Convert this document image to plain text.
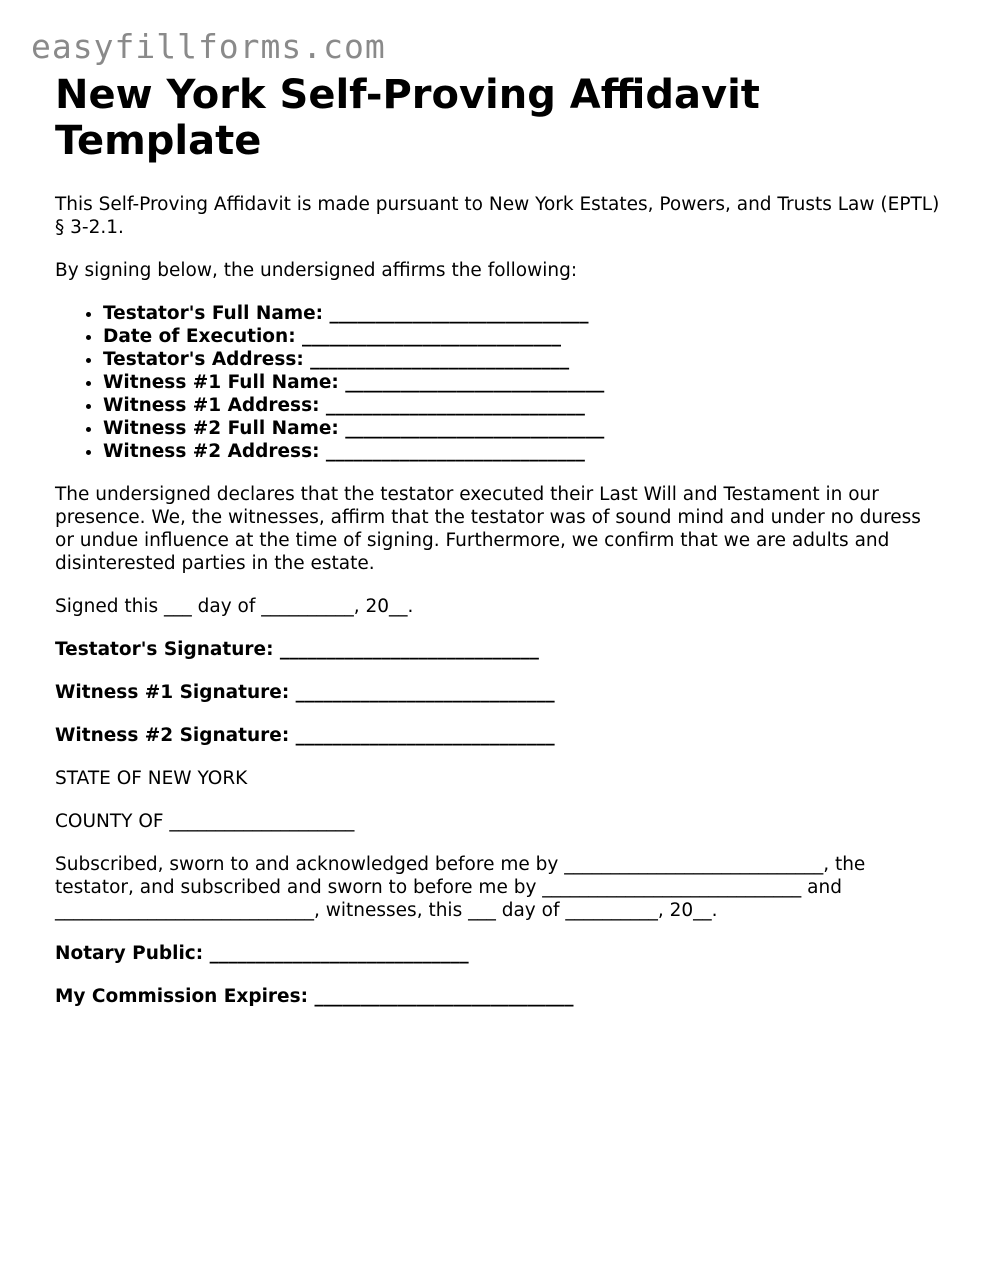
easyfillforms.com
New York Self-Proving Affidavit Template

This Self-Proving Affidavit is made pursuant to New York Estates, Powers, and Trusts Law (EPTL) § 3-2.1.

By signing below, the undersigned affirms the following:

• Testator's Full Name: ____________________________
• Date of Execution: ____________________________
• Testator's Address: ____________________________
• Witness #1 Full Name: ____________________________
• Witness #1 Address: ____________________________
• Witness #2 Full Name: ____________________________
• Witness #2 Address: ____________________________

The undersigned declares that the testator executed their Last Will and Testament in our presence. We, the witnesses, affirm that the testator was of sound mind and under no duress or undue influence at the time of signing. Furthermore, we confirm that we are adults and disinterested parties in the estate.

Signed this ___ day of __________, 20__.

Testator's Signature: ____________________________

Witness #1 Signature: ____________________________

Witness #2 Signature: ____________________________

STATE OF NEW YORK

COUNTY OF ____________________

Subscribed, sworn to and acknowledged before me by ____________________________, the testator, and subscribed and sworn to before me by ____________________________ and ____________________________, witnesses, this ___ day of __________, 20__.

Notary Public: ____________________________

My Commission Expires: ____________________________
